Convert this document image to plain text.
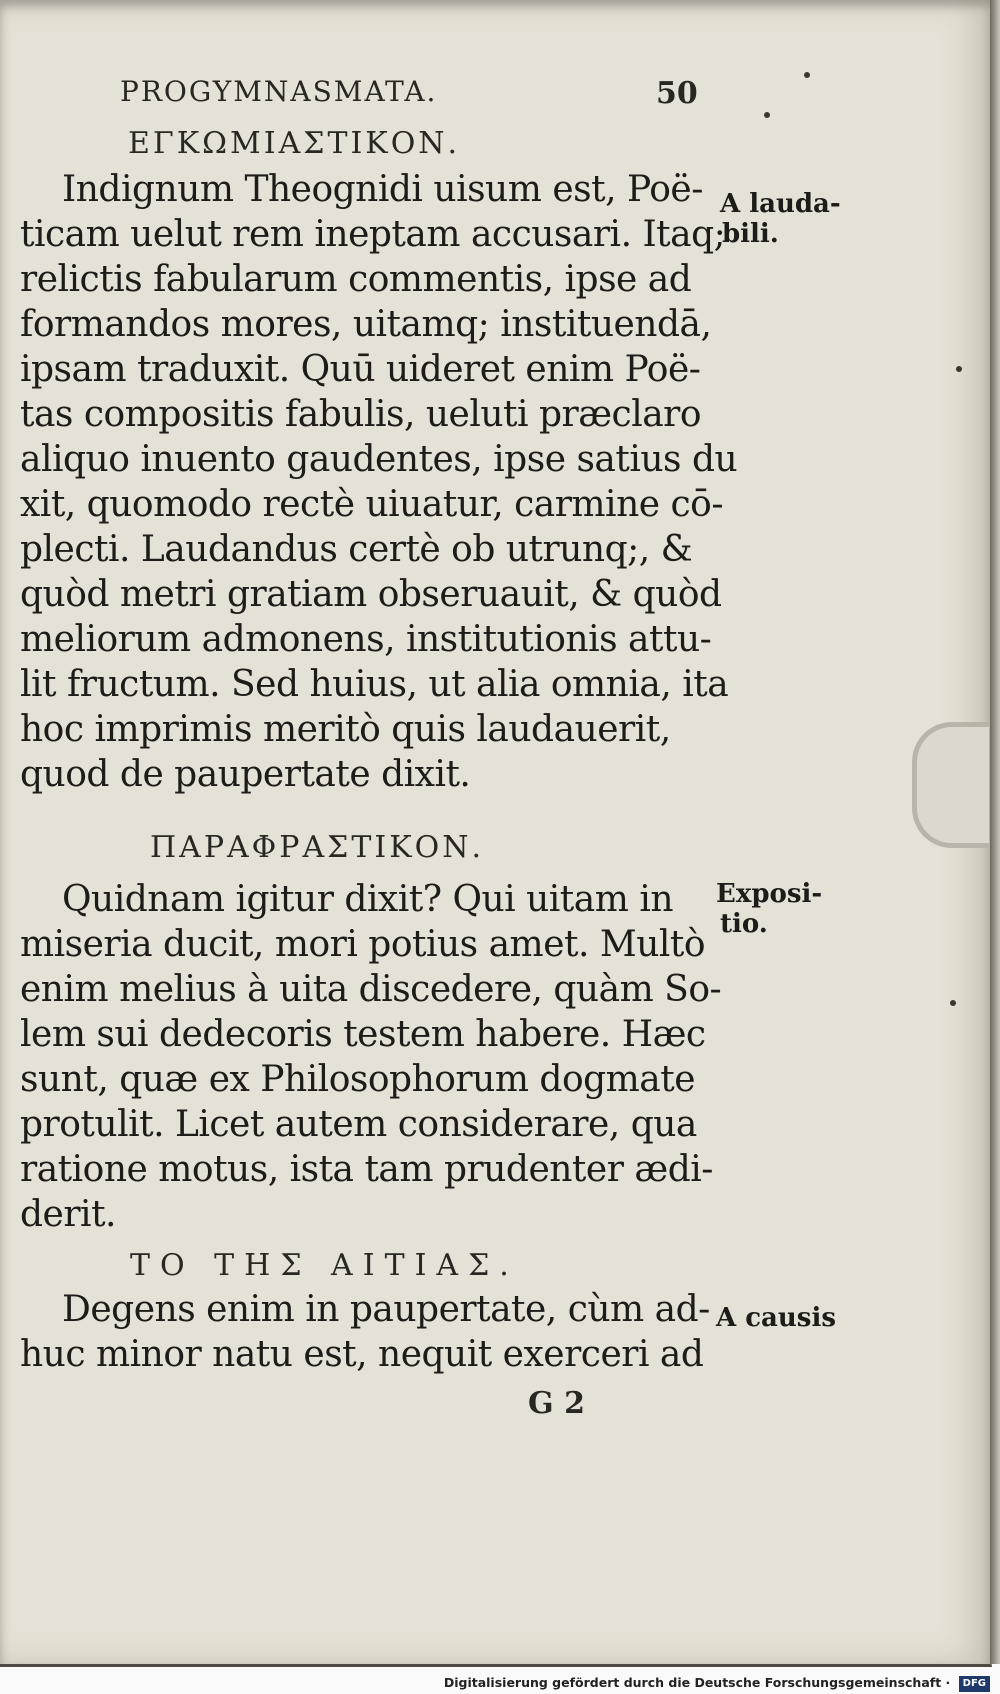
PROGYMNASMATA.	50
ΕΓΚΩΜΙΑΣΤΙΚΟΝ.
Indignum Theognidi uisum est, Poë-
ticam uelut rem ineptam accusari. Itaq;
relictis fabularum commentis, ipse ad
formandos mores, uitamq; instituendā,
ipsam traduxit. Quū uideret enim Poë-
tas compositis fabulis, ueluti præclaro
aliquo inuento gaudentes, ipse satius du
xit, quomodo rectè uiuatur, carmine cō-
plecti. Laudandus certè ob utrunq;, &
quòd metri gratiam obseruauit, & quòd
meliorum admonens, institutionis attu-
lit fructum. Sed huius, ut alia omnia, ita
hoc imprimis meritò quis laudauerit,
quod de paupertate dixit.
A lauda-
bili.
ΠΑΡΑΦΡΑΣΤΙΚΟΝ.
Quidnam igitur dixit? Qui uitam in
miseria ducit, mori potius amet. Multò
enim melius à uita discedere, quàm So-
lem sui dedecoris testem habere. Hæc
sunt, quæ ex Philosophorum dogmate
protulit. Licet autem considerare, qua
ratione motus, ista tam prudenter ædi-
derit.
Exposi-
tio.
ΤΟ ΤΗΣ ΑΙΤΙΑΣ.
Degens enim in paupertate, cùm ad-
huc minor natu est, nequit exerceri ad
A causis
G 2
Digitalisierung gefördert durch die Deutsche Forschungsgemeinschaft · DFG
